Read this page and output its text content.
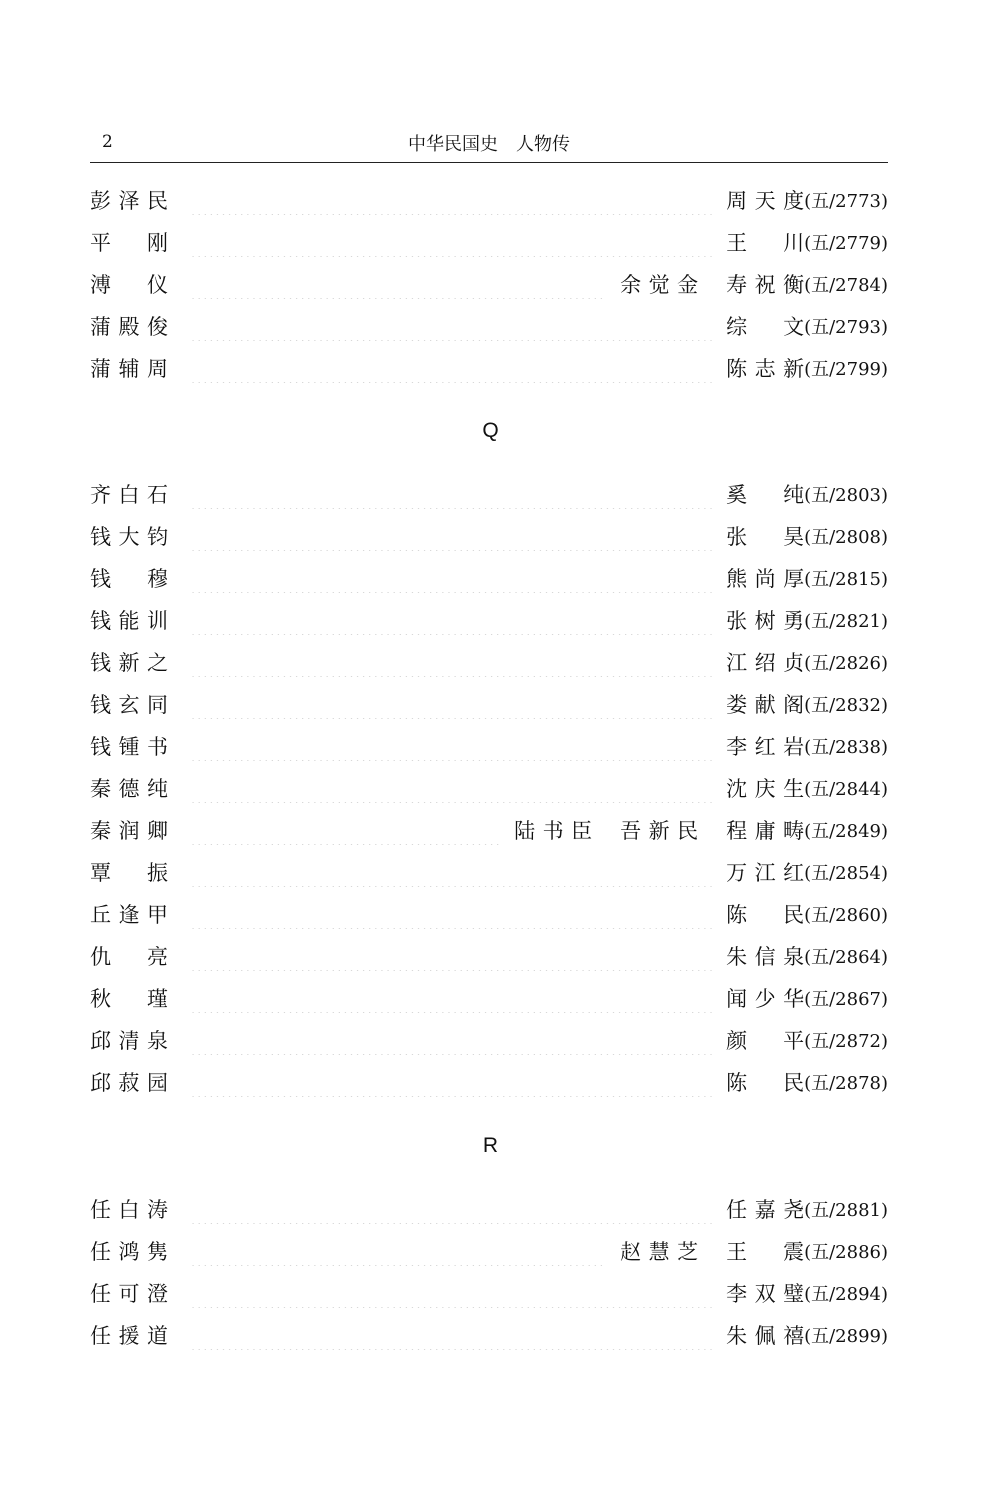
2	中华民国史　人物传
彭泽民	周天度 (五/2773)
平刚	王川 (五/2779)
溥仪	余觉金 寿祝衡 (五/2784)
蒲殿俊	综文 (五/2793)
蒲辅周	陈志新 (五/2799)
Q
齐白石	奚纯 (五/2803)
钱大钧	张昊 (五/2808)
钱穆	熊尚厚 (五/2815)
钱能训	张树勇 (五/2821)
钱新之	江绍贞 (五/2826)
钱玄同	娄献阁 (五/2832)
钱锺书	李红岩 (五/2838)
秦德纯	沈庆生 (五/2844)
秦润卿	陆书臣 吾新民 程庸畴 (五/2849)
覃振	万江红 (五/2854)
丘逢甲	陈民 (五/2860)
仇亮	朱信泉 (五/2864)
秋瑾	闻少华 (五/2867)
邱清泉	颜平 (五/2872)
邱菽园	陈民 (五/2878)
R
任白涛	任嘉尧 (五/2881)
任鸿隽	赵慧芝 王震 (五/2886)
任可澄	李双璧 (五/2894)
任援道	朱佩禧 (五/2899)
